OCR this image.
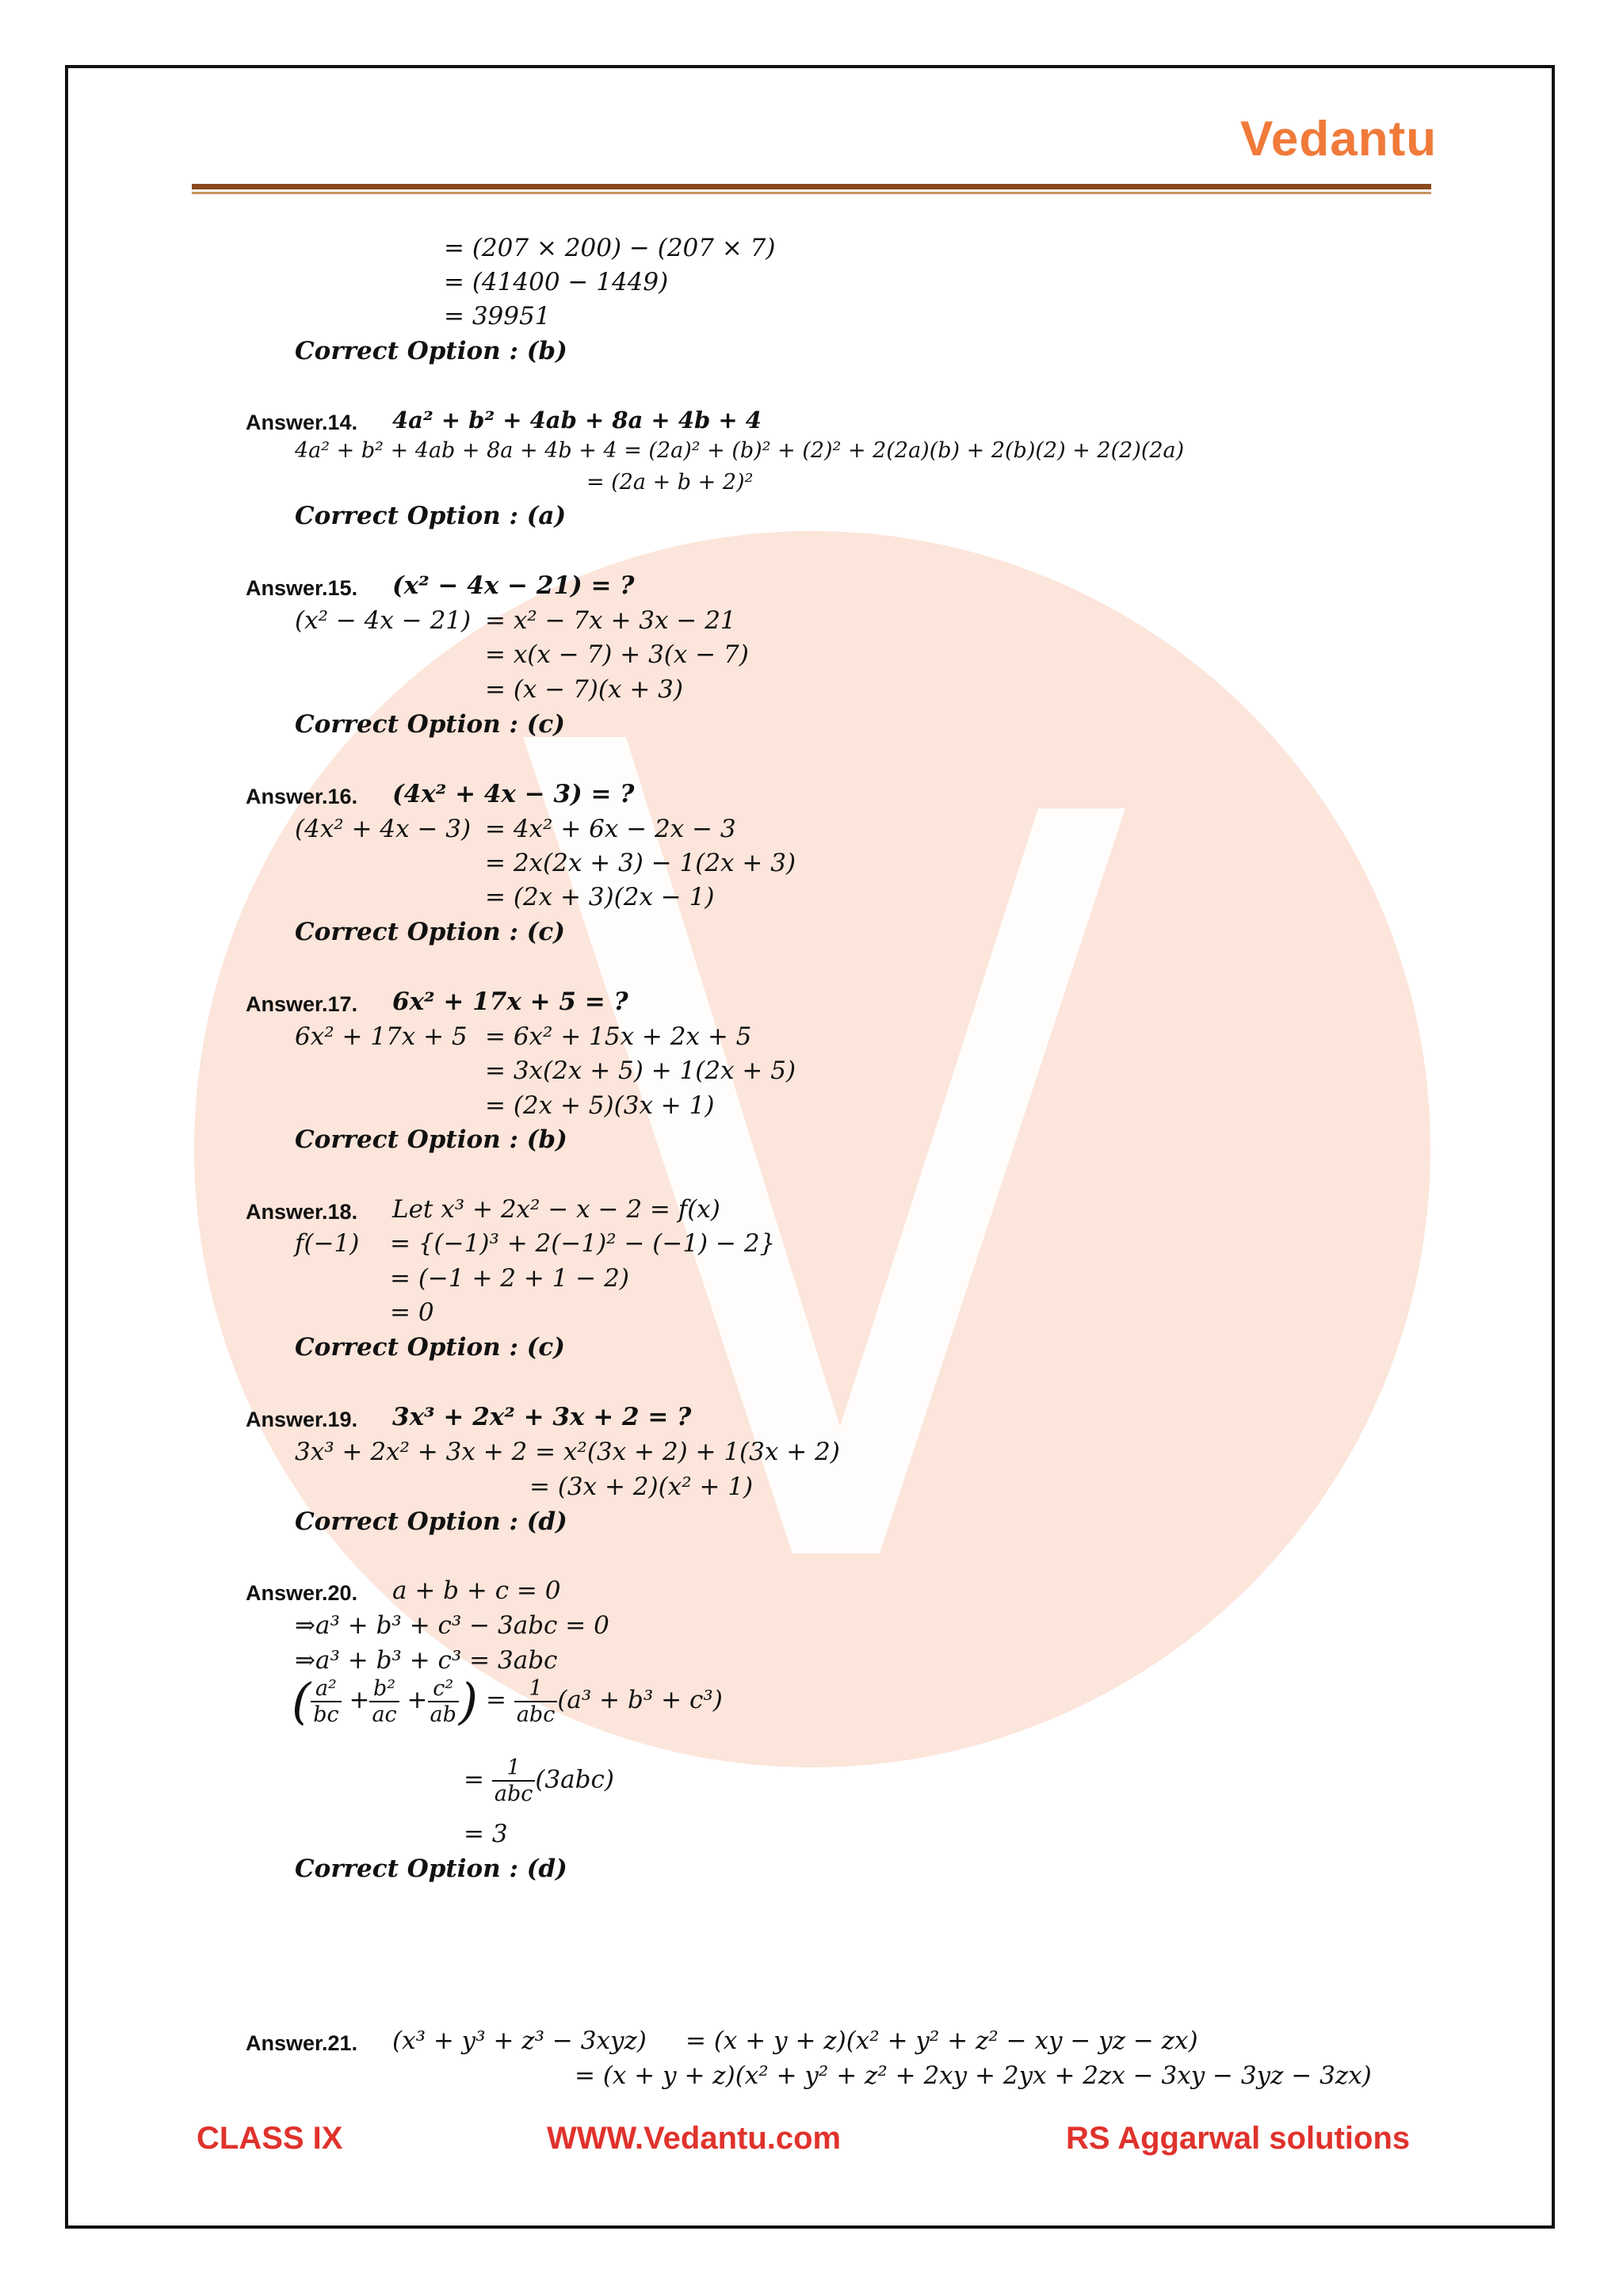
Vedantu
= (207 × 200) − (207 × 7)
= (41400 − 1449)
= 39951
Correct Option : (b)
Answer.14. 4a² + b² + 4ab + 8a + 4b + 4
4a² + b² + 4ab + 8a + 4b + 4 = (2a)² + (b)² + (2)² + 2(2a)(b) + 2(b)(2) + 2(2)(2a)
= (2a + b + 2)²
Correct Option : (a)
Answer.15. (x² − 4x − 21) = ?
(x² − 4x − 21) = x² − 7x + 3x − 21
= x(x − 7) + 3(x − 7)
= (x − 7)(x + 3)
Correct Option : (c)
Answer.16. (4x² + 4x − 3) = ?
(4x² + 4x − 3) = 4x² + 6x − 2x − 3
= 2x(2x + 3) − 1(2x + 3)
= (2x + 3)(2x − 1)
Correct Option : (c)
Answer.17. 6x² + 17x + 5 = ?
6x² + 17x + 5 = 6x² + 15x + 2x + 5
= 3x(2x + 5) + 1(2x + 5)
= (2x + 5)(3x + 1)
Correct Option : (b)
Answer.18. Let x³ + 2x² − x − 2 = f(x)
f(−1) = {(−1)³ + 2(−1)² − (−1) − 2}
= (−1 + 2 + 1 − 2)
= 0
Correct Option : (c)
Answer.19. 3x³ + 2x² + 3x + 2 = ?
3x³ + 2x² + 3x + 2 = x²(3x + 2) + 1(3x + 2)
= (3x + 2)(x² + 1)
Correct Option : (d)
Answer.20. a + b + c = 0
⇒a³ + b³ + c³ − 3abc = 0
⇒a³ + b³ + c³ = 3abc
( $\frac{\text{a²}}{bc} + \frac{\text{b²}}{ac} + \frac{\text{c²}}{ab}$ ) = $\frac{1}{\text{abc}} (a^3 + b^3 + c^3)$
= $\frac{1}{\text{abc}} (3abc)$
= 3
Correct Option : (d)
Answer.21. (x³ + y³ + z³ − 3xyz) = (x + y + z)(x² + y² + z² − xy − yz − zx)
= (x + y + z)(x² + y² + z² + 2xy + 2yx + 2zx − 3xy − 3yz − 3zx)
CLASS IX	WWW.Vedantu.com	RS Aggarwal solutions
